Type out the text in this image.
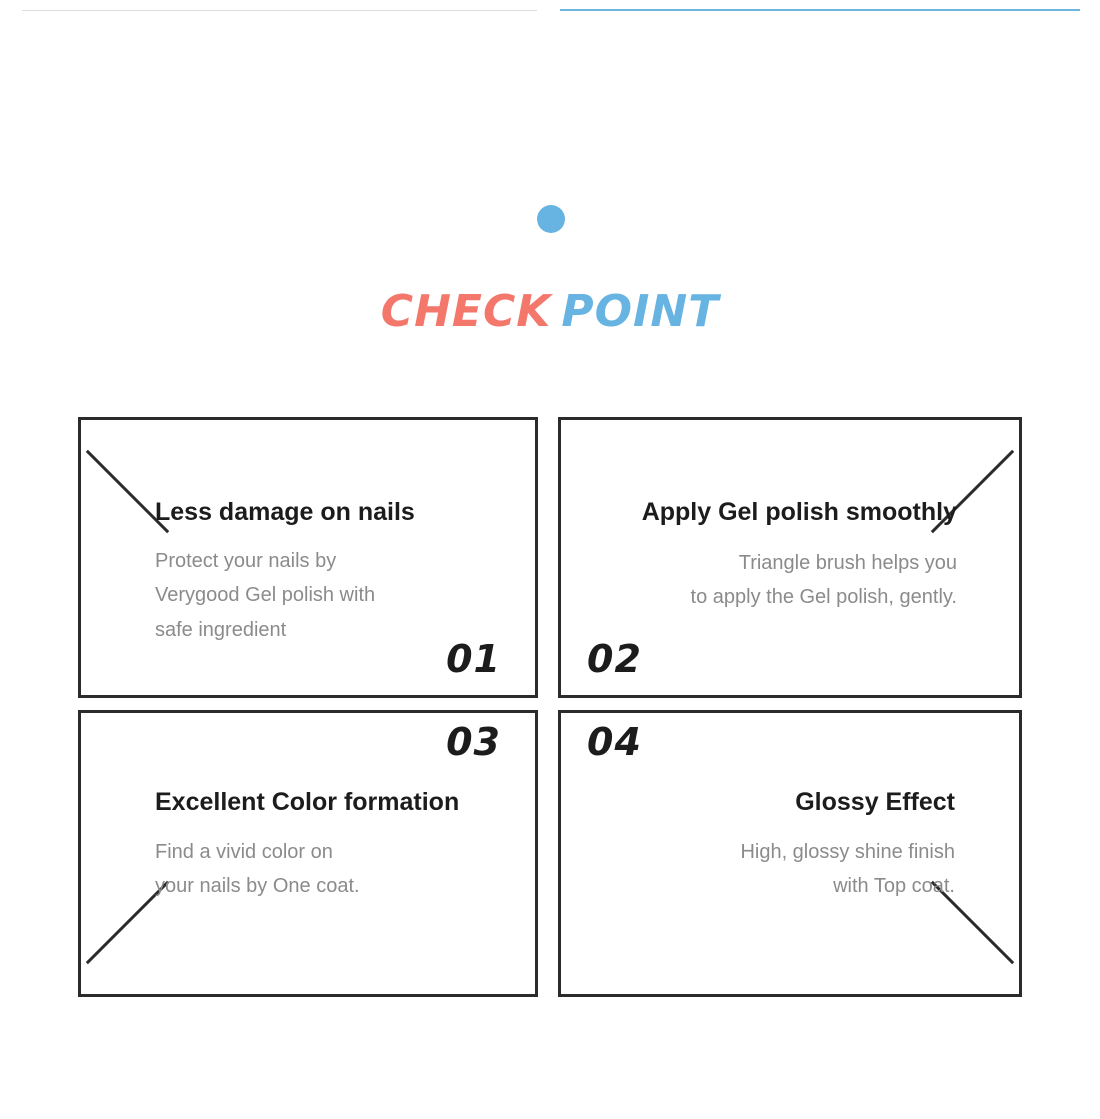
CHECK POINT
Less damage on nails
Protect your nails by
Verygood Gel polish with
safe ingredient
01
Apply Gel polish smoothly
Triangle brush helps you
to apply the Gel polish, gently.
02
Excellent Color formation
Find a vivid color on
your nails by One coat.
03
Glossy Effect
High, glossy shine finish
with Top coat.
04
